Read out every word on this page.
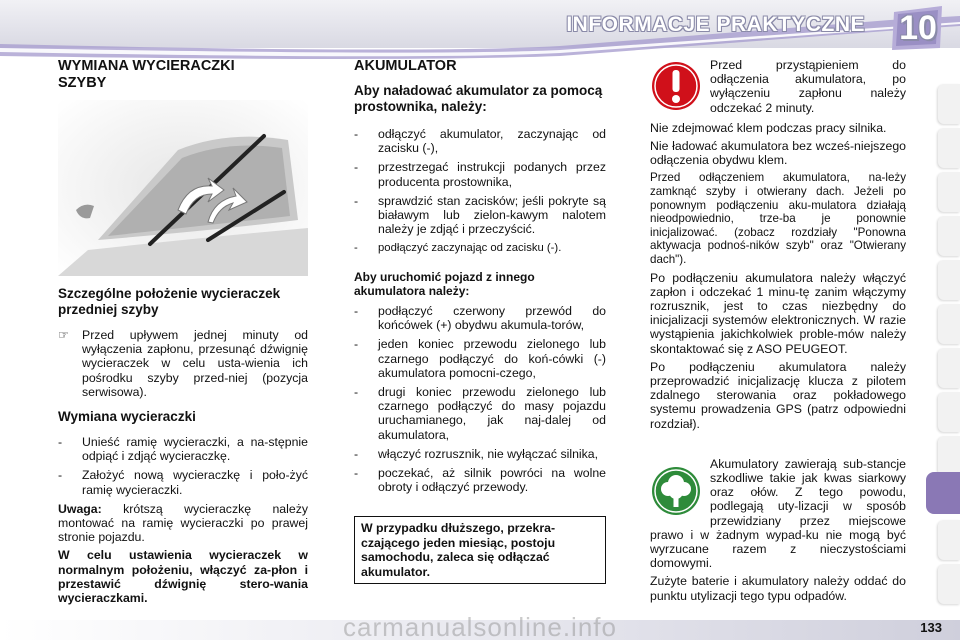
INFORMACJE PRAKTYCZNE	10
WYMIANA WYCIERACZKI SZYBY
Szczególne położenie wycieraczek przedniej szyby
☞	Przed upływem jednej minuty od wyłączenia zapłonu, przesunąć dźwignię wycieraczek w celu usta-wienia ich pośrodku szyby przed-niej (pozycja serwisowa).
Wymiana wycieraczki
-	Unieść ramię wycieraczki, a na-stępnie odpiąć i zdjąć wycieraczkę.
-	Założyć nową wycieraczkę i poło-żyć ramię wycieraczki.

Uwaga: krótszą wycieraczkę należy montować na ramię wycieraczki po prawej stronie pojazdu.

W celu ustawienia wycieraczek w normalnym położeniu, włączyć za-płon i przestawić dźwignię stero-wania wycieraczkami.

AKUMULATOR
Aby naładować akumulator za pomocą prostownika, należy:
-	odłączyć akumulator, zaczynając od zacisku (-),
-	przestrzegać instrukcji podanych przez producenta prostownika,
-	sprawdzić stan zacisków; jeśli pokryte są białawym lub zielon-kawym nalotem należy je zdjąć i przeczyścić.
-	podłączyć zaczynając od zacisku (-).

Aby uruchomić pojazd z innego akumulatora należy:

-	podłączyć czerwony przewód do końcówek (+) obydwu akumula-torów,
-	jeden koniec przewodu zielonego lub czarnego podłączyć do koń-cówki (-) akumulatora pomocni-czego,
-	drugi koniec przewodu zielonego lub czarnego podłączyć do masy pojazdu uruchamianego, jak naj-dalej od akumulatora,
-	włączyć rozrusznik, nie wyłączać silnika,
-	poczekać, aż silnik powróci na wolne obroty i odłączyć przewody.
W przypadku dłuższego, przekra-czającego jeden miesiąc, postoju samochodu, zaleca się odłączać akumulator.

Przed przystąpieniem do odłączenia akumulatora, po wyłączeniu zapłonu należy odczekać 2 minuty.

Nie zdejmować klem podczas pracy silnika.

Nie ładować akumulatora bez wcześ-niejszego odłączenia obydwu klem.

Przed odłączeniem akumulatora, na-leży zamknąć szyby i otwierany dach. Jeżeli po ponownym podłączeniu aku-mulatora działają nieodpowiednio, trze-ba je ponownie inicjalizować. (zobacz rozdziały "Ponowna aktywacja podnoś-ników szyb" oraz "Otwierany dach").

Po podłączeniu akumulatora należy włączyć zapłon i odczekać 1 minu-tę zanim włączymy rozrusznik, jest to czas niezbędny do inicjalizacji systemów elektronicznych. W razie wystąpienia jakichkolwiek proble-mów należy skontaktować się z ASO PEUGEOT.

Po podłączeniu akumulatora należy przeprowadzić inicjalizację klucza z pilotem zdalnego sterowania oraz pokładowego systemu prowadzenia GPS (patrz odpowiedni rozdział).

Akumulatory zawierają sub-stancje szkodliwe takie jak kwas siarkowy oraz ołów. Z tego powodu, podlegają uty-lizacji w sposób przewidziany przez miejscowe prawo i w żadnym wypad-ku nie mogą być wyrzucane razem z nieczystościami domowymi.

Zużyte baterie i akumulatory należy oddać do punktu utylizacji tego typu odpadów.

carmanualsonline.info	133
